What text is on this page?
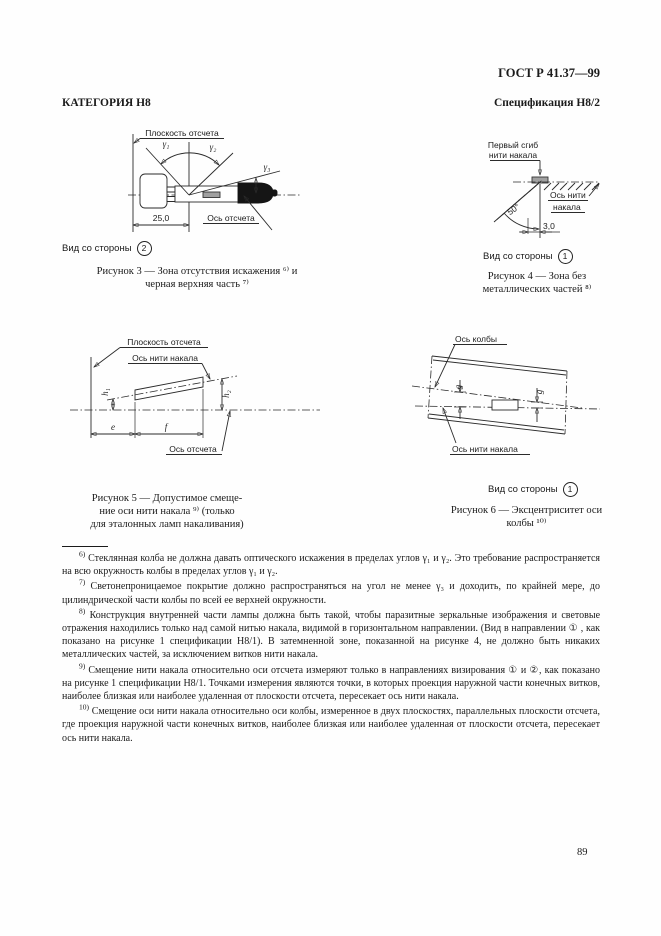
ГОСТ Р 41.37—99
КАТЕГОРИЯ Н8	Спецификация Н8/2
Плоскость отсчета
γ₁	γ₂
γ₃
25,0	Ось отсчета
Вид со стороны	2
Рисунок 3 — Зона отсутствия искажения ⁶⁾ и
черная верхняя часть ⁷⁾
Первый сгиб
нити накала
50°
3,0
Ось нити
накала
Вид со стороны	1
Рисунок 4 — Зона без
металлических частей ⁸⁾
Плоскость отсчета
Ось нити накала
h₁	h₂
e	f
Ось отсчета
Рисунок 5 — Допустимое смеще-
ние оси нити накала ⁹⁾ (только
для эталонных ламп накаливания)
Ось колбы
g
g
Ось нити накала
Вид со стороны	1
Рисунок 6 — Эксцентриситет оси
колбы ¹⁰⁾

$^{6)}$ Стеклянная колба не должна давать оптического искажения в пределах углов γ₁ и γ₂. Это требование распространяется на всю окружность колбы в пределах углов γ₁ и γ₂.

$^{7)}$ Светонепроницаемое покрытие должно распространяться на угол не менее γ₃ и доходить, по крайней мере, до цилиндрической части колбы по всей ее верхней окружности.

$^{8)}$ Конструкция внутренней части лампы должна быть такой, чтобы паразитные зеркальные изображения и световые отражения находились только над самой нитью накала, видимой в горизонтальном направлении. (Вид в направлении ① , как показано на рисунке 1 спецификации Н8/1). В затемненной зоне, показанной на рисунке 4, не должно быть никаких металлических частей, за исключением витков нити накала.

$^{9)}$ Смещение нити накала относительно оси отсчета измеряют только в направлениях визирования ① и ②, как показано на рисунке 1 спецификации Н8/1. Точками измерения являются точки, в которых проекция наружной части конечных витков, наиболее близкая или наиболее удаленная от плоскости отсчета, пересекает ось нити накала.

$^{10)}$ Смещение оси нити накала относительно оси колбы, измеренное в двух плоскостях, параллельных плоскости отсчета, где проекция наружной части конечных витков, наиболее близкая или наиболее удаленная от плоскости отсчета, пересекает ось нити накала.

89
